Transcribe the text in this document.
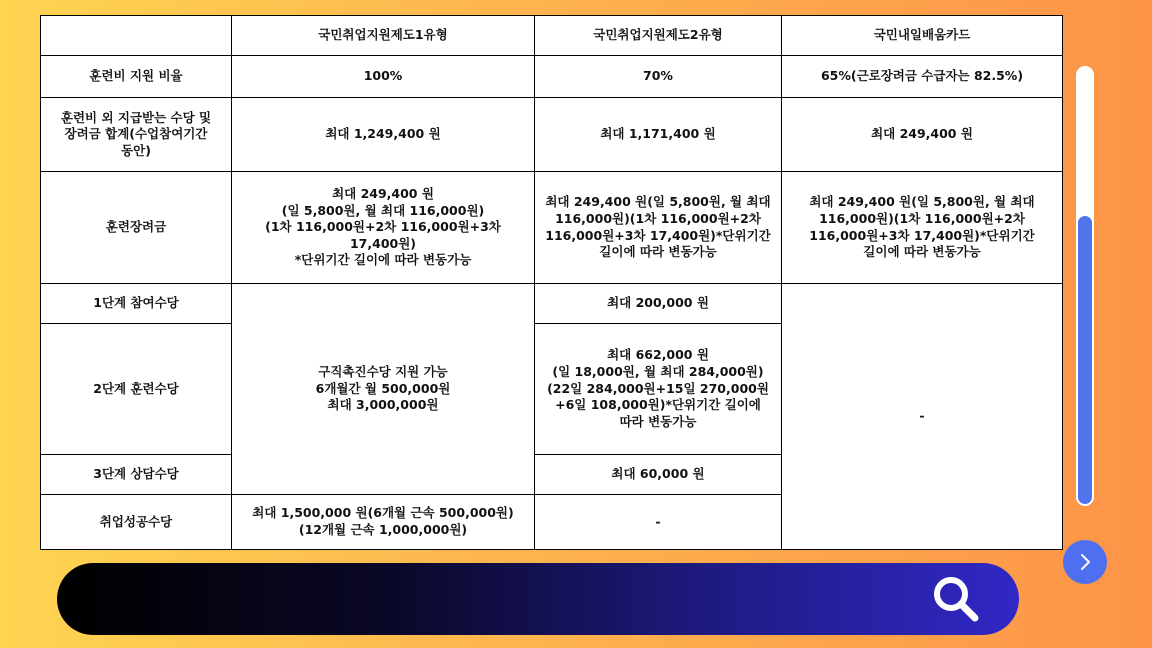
	국민취업지원제도1유형	국민취업지원제도2유형	국민내일배움카드
훈련비 지원 비율	100%	70%	65%(근로장려금 수급자는 82.5%)
훈련비 외 지급받는 수당 및 장려금 합계(수업참여기간 동안)	최대 1,249,400 원	최대 1,171,400 원	최대 249,400 원
훈련장려금	최대 249,400 원
(일 5,800원, 월 최대 116,000원)
(1차 116,000원+2차 116,000원+3차 17,400원)
*단위기간 길이에 따라 변동가능	최대 249,400 원(일 5,800원, 월 최대 116,000원)(1차 116,000원+2차 116,000원+3차 17,400원)*단위기간 길이에 따라 변동가능	최대 249,400 원(일 5,800원, 월 최대 116,000원)(1차 116,000원+2차 116,000원+3차 17,400원)*단위기간 길이에 따라 변동가능
1단계 참여수당	구직촉진수당 지원 가능
6개월간 월 500,000원
최대 3,000,000원	최대 200,000 원	-
2단계 훈련수당		최대 662,000 원
(일 18,000원, 월 최대 284,000원)
(22일 284,000원+15일 270,000원+6일 108,000원)*단위기간 길이에 따라 변동가능	

3단계 상담수당		최대 60,000 원	
취업성공수당	최대 1,500,000 원(6개월 근속 500,000원)(12개월 근속 1,000,000원)	-	
